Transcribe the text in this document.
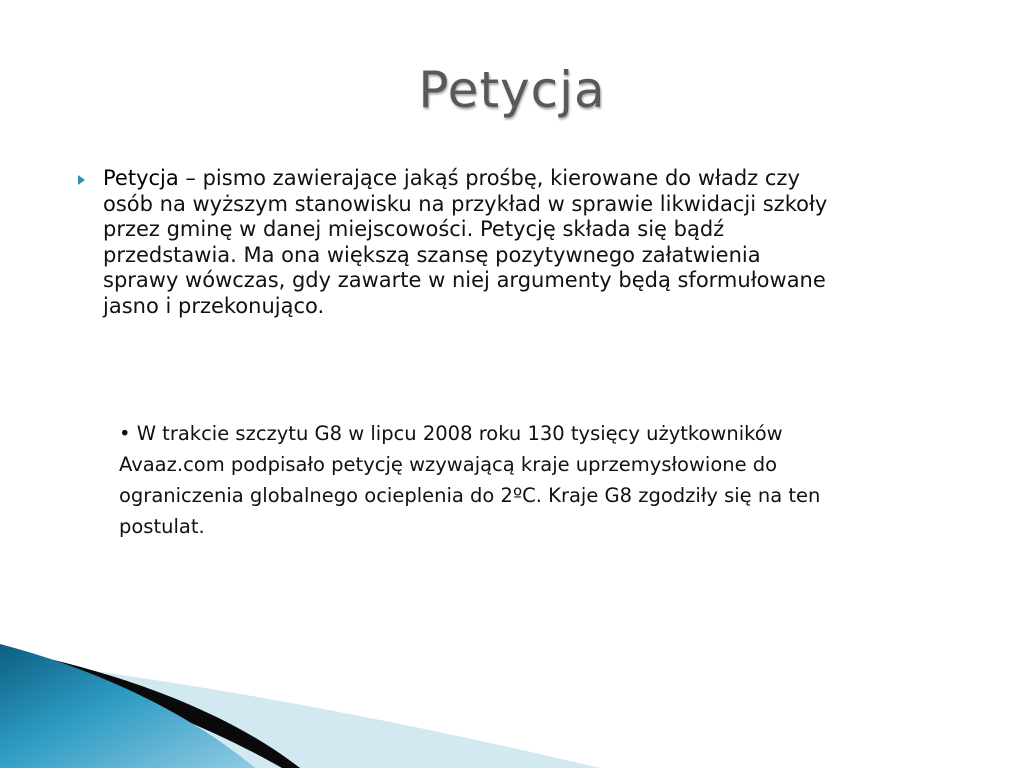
Petycja
Petycja – pismo zawierające jakąś prośbę, kierowane do władz czy osób na wyższym stanowisku na przykład w sprawie likwidacji szkoły przez gminę w danej miejscowości. Petycję składa się bądź przedstawia. Ma ona większą szansę pozytywnego załatwienia sprawy wówczas, gdy zawarte w niej argumenty będą sformułowane jasno i przekonująco.
• W trakcie szczytu G8 w lipcu 2008 roku 130 tysięcy użytkowników Avaaz.com podpisało petycję wzywającą kraje uprzemysłowione do ograniczenia globalnego ocieplenia do 2ºC. Kraje G8 zgodziły się na ten postulat.
